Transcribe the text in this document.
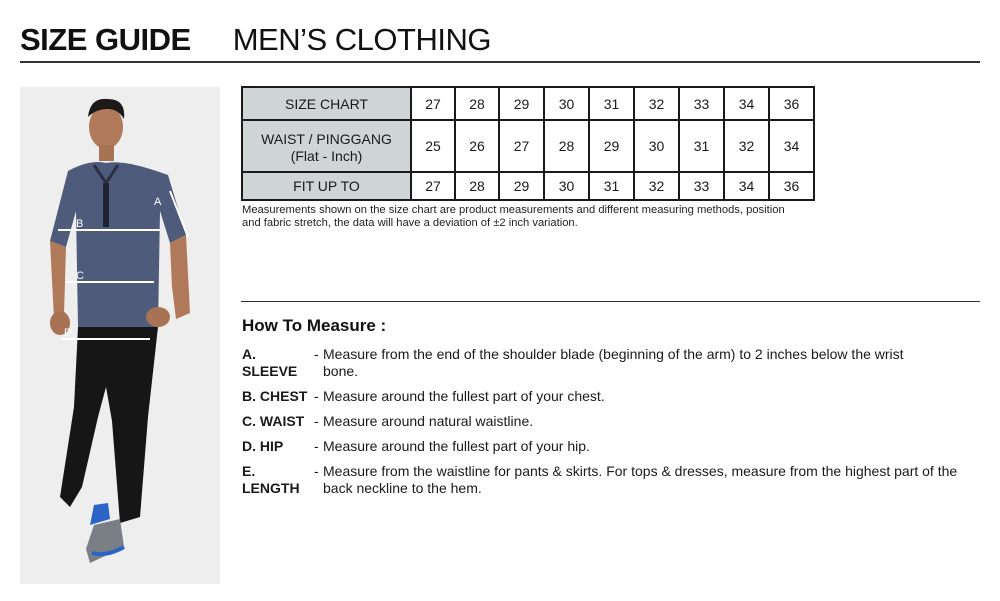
SIZE GUIDE MEN’S CLOTHING
A
B
C
D
SIZE CHART	27	28	29	30	31	32	33	34	36
WAIST / PINGGANG
(Flat - Inch)	25	26	27	28	29	30	31	32	34
FIT UP TO	27	28	29	30	31	32	33	34	36
Measurements shown on the size chart are product measurements and different measuring methods, position and fabric stretch, the data will have a deviation of ±2 inch variation.
How To Measure :
A. SLEEVE
- Measure from the end of the shoulder blade (beginning of the arm) to 2 inches below the wrist bone.
B. CHEST - Measure around the fullest part of your chest.
C. WAIST - Measure around natural waistline.
D. HIP	- Measure around the fullest part of your hip.
E. LENGTH
- Measure from the waistline for pants & skirts. For tops & dresses, measure from the highest part of the back neckline to the hem.
